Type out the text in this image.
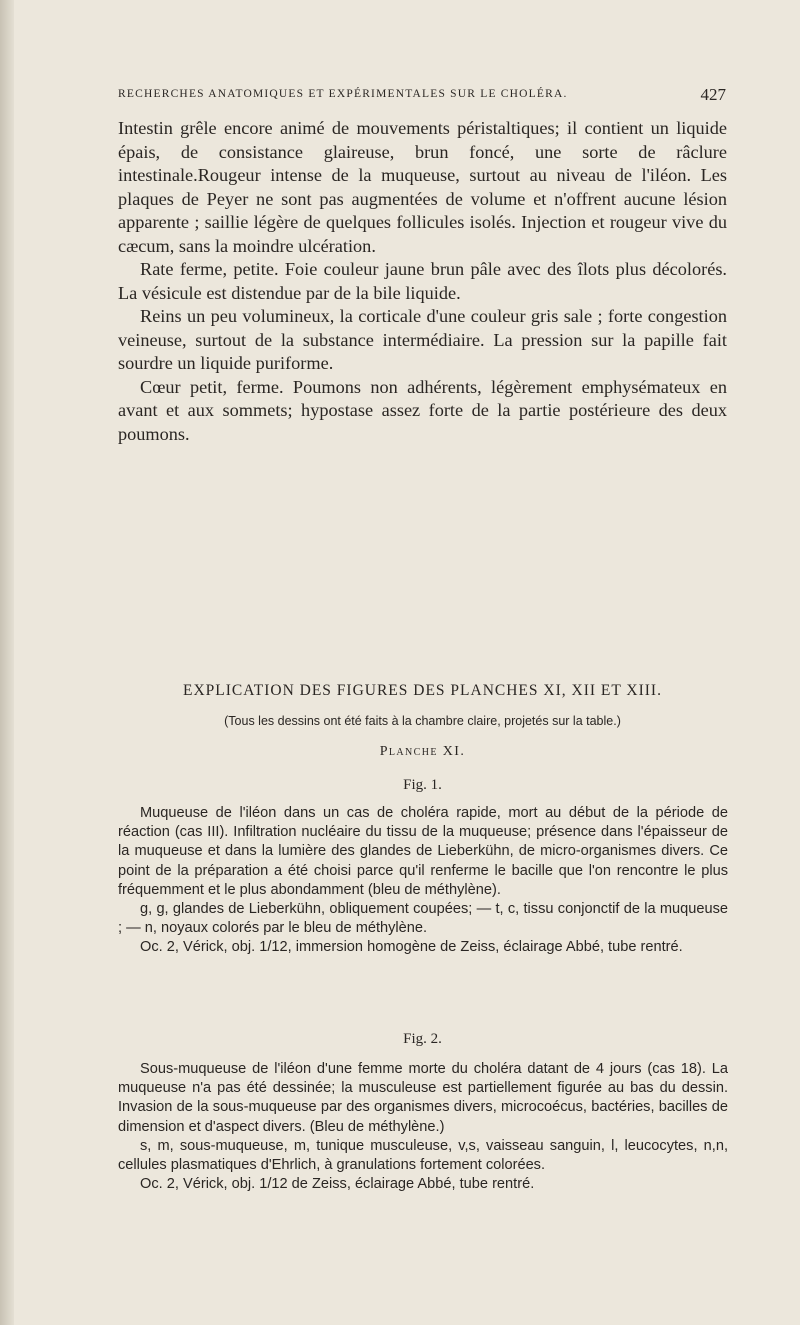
RECHERCHES ANATOMIQUES ET EXPÉRIMENTALES SUR LE CHOLÉRA.	427

Intestin grêle encore animé de mouvements péristaltiques; il contient un liquide épais, de consistance glaireuse, brun foncé, une sorte de râclure intestinale.Rougeur intense de la muqueuse, surtout au niveau de l'iléon. Les plaques de Peyer ne sont pas augmentées de volume et n'offrent aucune lésion apparente ; saillie légère de quelques follicules isolés. Injection et rougeur vive du cæcum, sans la moindre ulcération.

Rate ferme, petite. Foie couleur jaune brun pâle avec des îlots plus décolorés. La vésicule est distendue par de la bile liquide.

Reins un peu volumineux, la corticale d'une couleur gris sale ; forte congestion veineuse, surtout de la substance intermédiaire. La pression sur la papille fait sourdre un liquide puriforme.

Cœur petit, ferme. Poumons non adhérents, légèrement emphysémateux en avant et aux sommets; hypostase assez forte de la partie postérieure des deux poumons.

EXPLICATION DES FIGURES DES PLANCHES XI, XII ET XIII.
(Tous les dessins ont été faits à la chambre claire, projetés sur la table.)
Planche XI.
Fig. 1.

Muqueuse de l'iléon dans un cas de choléra rapide, mort au début de la période de réaction (cas III). Infiltration nucléaire du tissu de la muqueuse; présence dans l'épaisseur de la muqueuse et dans la lumière des glandes de Lieberkühn, de micro-organismes divers. Ce point de la préparation a été choisi parce qu'il renferme le bacille que l'on rencontre le plus fréquemment et le plus abondamment (bleu de méthylène).

g, g, glandes de Lieberkühn, obliquement coupées; — t, c, tissu conjonctif de la muqueuse ; — n, noyaux colorés par le bleu de méthylène.

Oc. 2, Vérick, obj. 1/12, immersion homogène de Zeiss, éclairage Abbé, tube rentré.

Fig. 2.

Sous-muqueuse de l'iléon d'une femme morte du choléra datant de 4 jours (cas 18). La muqueuse n'a pas été dessinée; la musculeuse est partiellement figurée au bas du dessin. Invasion de la sous-muqueuse par des organismes divers, microcoécus, bactéries, bacilles de dimension et d'aspect divers. (Bleu de méthylène.)

s, m, sous-muqueuse, m, tunique musculeuse, v,s, vaisseau sanguin, l, leucocytes, n,n, cellules plasmatiques d'Ehrlich, à granulations fortement colorées.

Oc. 2, Vérick, obj. 1/12 de Zeiss, éclairage Abbé, tube rentré.
